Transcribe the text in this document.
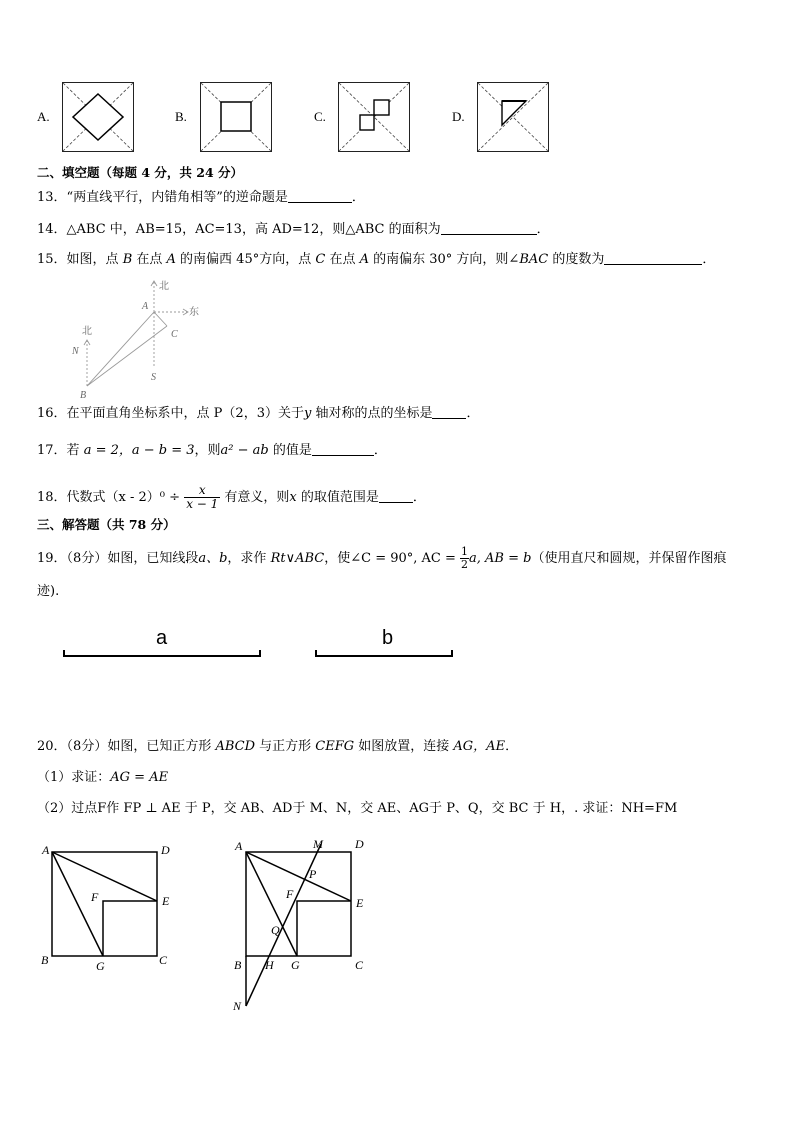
A.	B.	C.	D.
二、填空题（每题 4 分，共 24 分）
13．“两直线平行，内错角相等”的逆命题是	．
14．△ABC 中，AB=15，AC=13，高 AD=12，则△ABC 的面积为	．
15．如图，点 B 在点 A 的南偏西 45°方向，点 C 在点 A 的南偏东 30° 方向，则∠BAC 的度数为	．
北
东
北
A
C
N
S
B
16．在平面直角坐标系中，点 P（2，3）关于y 轴对称的点的坐标是	．
17．若 a = 2，a − b = 3，则a² − ab 的值是	．
18．代数式$(x - 2)^0 \div \frac{x}{x - 1}$ 有意义，则x 的取值范围是	．
三、解答题（共 78 分）
19．（8分）如图，已知线段a、b，求作 Rt∨ABC，使∠C = 90°, AC = $\frac{1}{2} a$, AB = b（使用直尺和圆规，并保留作图痕
迹).
a	b
20．（8分）如图，已知正方形 ABCD 与正方形 CEFG 如图放置，连接 AG，AE．
（1）求证：AG = AE
（2）过点F作 FP ⊥ AE 于 P，交 AB、AD于 M、N，交 AE、AG于 P、Q，交 BC 于 H，. 求证：NH=FM
A	D
F	E
B	G	C
A	M	D
P
F
E
Q
B H G	C
N
